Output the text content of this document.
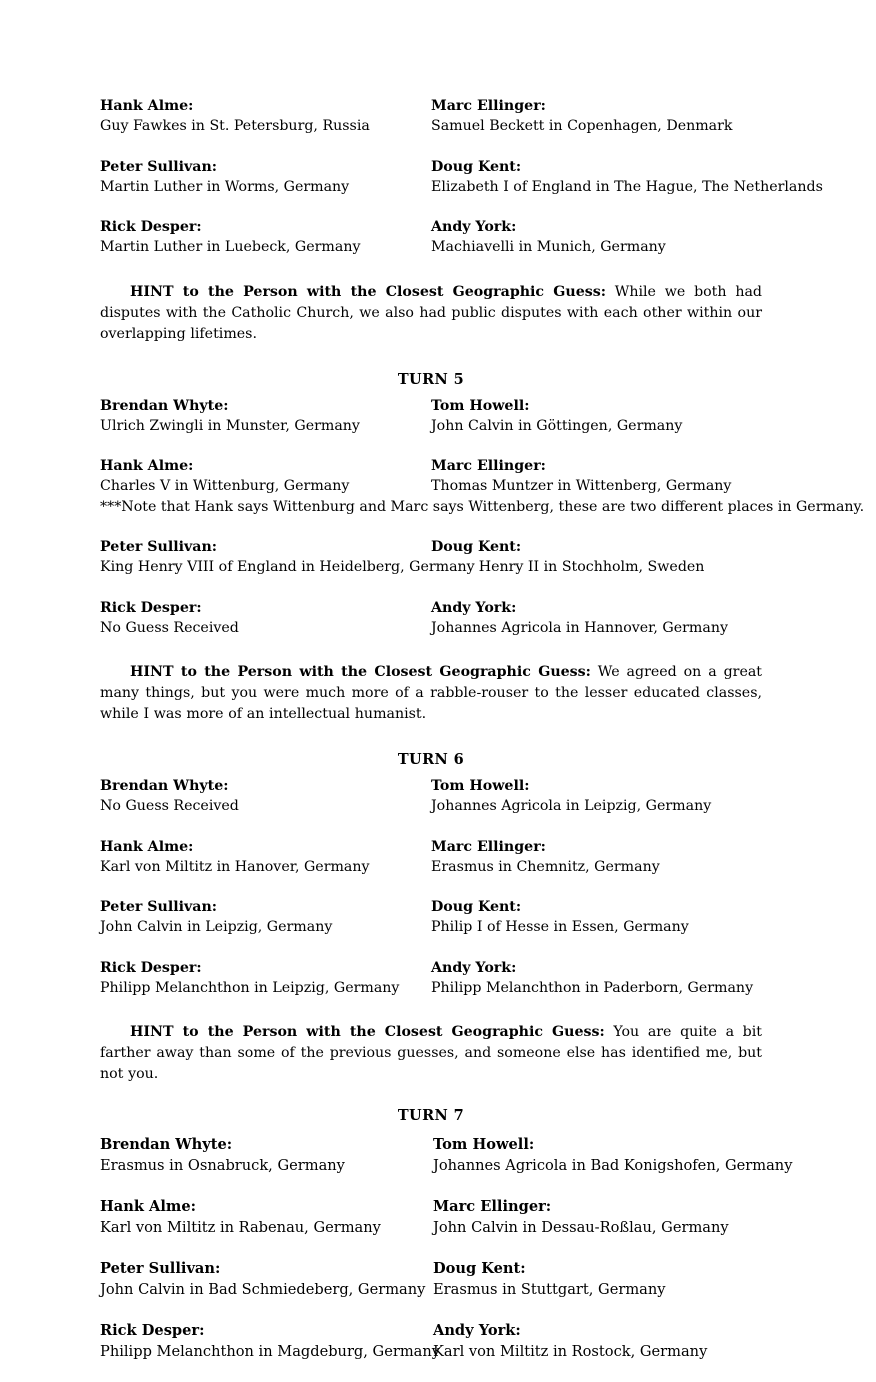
Hank Alme:
Guy Fawkes in St. Petersburg, Russia
Marc Ellinger:
Samuel Beckett in Copenhagen, Denmark
Peter Sullivan:
Martin Luther in Worms, Germany
Doug Kent:
Elizabeth I of England in The Hague, The Netherlands
Rick Desper:
Martin Luther in Luebeck, Germany
Andy York:
Machiavelli in Munich, Germany

HINT to the Person with the Closest Geographic Guess: While we both had disputes with the Catholic Church, we also had public disputes with each other within our overlapping lifetimes.

TURN 5
Brendan Whyte:
Ulrich Zwingli in Munster, Germany
Tom Howell:
John Calvin in Göttingen, Germany
Hank Alme:
Charles V in Wittenburg, Germany
Marc Ellinger:
Thomas Muntzer in Wittenberg, Germany
***Note that Hank says Wittenburg and Marc says Wittenberg, these are two different places in Germany.
Peter Sullivan:	Doug Kent:
King Henry VIII of England in Heidelberg, Germany Henry II in Stochholm, Sweden
Rick Desper:
No Guess Received
Andy York:
Johannes Agricola in Hannover, Germany

HINT to the Person with the Closest Geographic Guess: We agreed on a great many things, but you were much more of a rabble-rouser to the lesser educated classes, while I was more of an intellectual humanist.

TURN 6
Brendan Whyte:
No Guess Received
Tom Howell:
Johannes Agricola in Leipzig, Germany
Hank Alme:
Karl von Miltitz in Hanover, Germany
Marc Ellinger:
Erasmus in Chemnitz, Germany
Peter Sullivan:
John Calvin in Leipzig, Germany
Doug Kent:
Philip I of Hesse in Essen, Germany
Rick Desper:
Philipp Melanchthon in Leipzig, Germany
Andy York:
Philipp Melanchthon in Paderborn, Germany

HINT to the Person with the Closest Geographic Guess: You are quite a bit farther away than some of the previous guesses, and someone else has identified me, but not you.

TURN 7
Brendan Whyte:
Erasmus in Osnabruck, Germany
Tom Howell:
Johannes Agricola in Bad Konigshofen, Germany
Hank Alme:
Karl von Miltitz in Rabenau, Germany
Marc Ellinger:
John Calvin in Dessau-Roßlau, Germany
Peter Sullivan:
John Calvin in Bad Schmiedeberg, Germany
Doug Kent:
Erasmus in Stuttgart, Germany
Rick Desper:
Philipp Melanchthon in Magdeburg, Germany
Andy York:
Karl von Miltitz in Rostock, Germany
